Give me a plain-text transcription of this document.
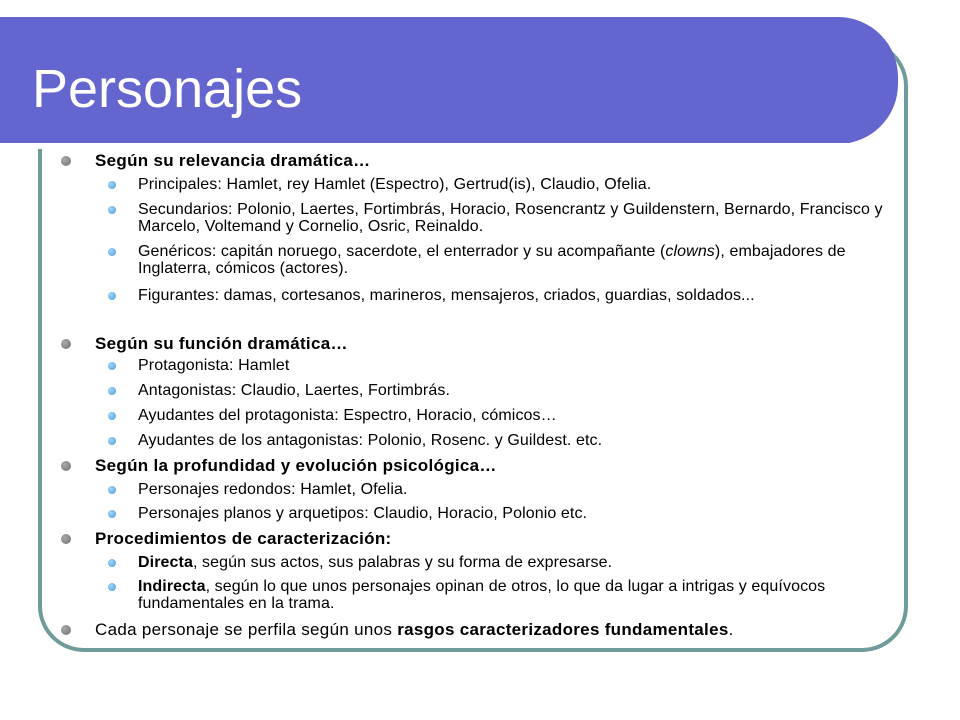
Personajes

Según su relevancia dramática…

Principales: Hamlet, rey Hamlet (Espectro), Gertrud(is), Claudio, Ofelia.

Secundarios: Polonio, Laertes, Fortimbrás, Horacio, Rosencrantz y Guildenstern, Bernardo, Francisco y Marcelo, Voltemand y Cornelio, Osric, Reinaldo.

Genéricos: capitán noruego, sacerdote, el enterrador y su acompañante (clowns), embajadores de Inglaterra, cómicos (actores).

Figurantes: damas, cortesanos, marineros, mensajeros, criados, guardias, soldados...

Según su función dramática…

Protagonista: Hamlet

Antagonistas: Claudio, Laertes, Fortimbrás.

Ayudantes del protagonista: Espectro, Horacio, cómicos…

Ayudantes de los antagonistas: Polonio, Rosenc. y Guildest. etc.

Según la profundidad y evolución psicológica…

Personajes redondos: Hamlet, Ofelia.

Personajes planos y arquetipos: Claudio, Horacio, Polonio etc.

Procedimientos de caracterización:

Directa, según sus actos, sus palabras y su forma de expresarse.

Indirecta, según lo que unos personajes opinan de otros, lo que da lugar a intrigas y equívocos fundamentales en la trama.

Cada personaje se perfila según unos rasgos caracterizadores fundamentales.
